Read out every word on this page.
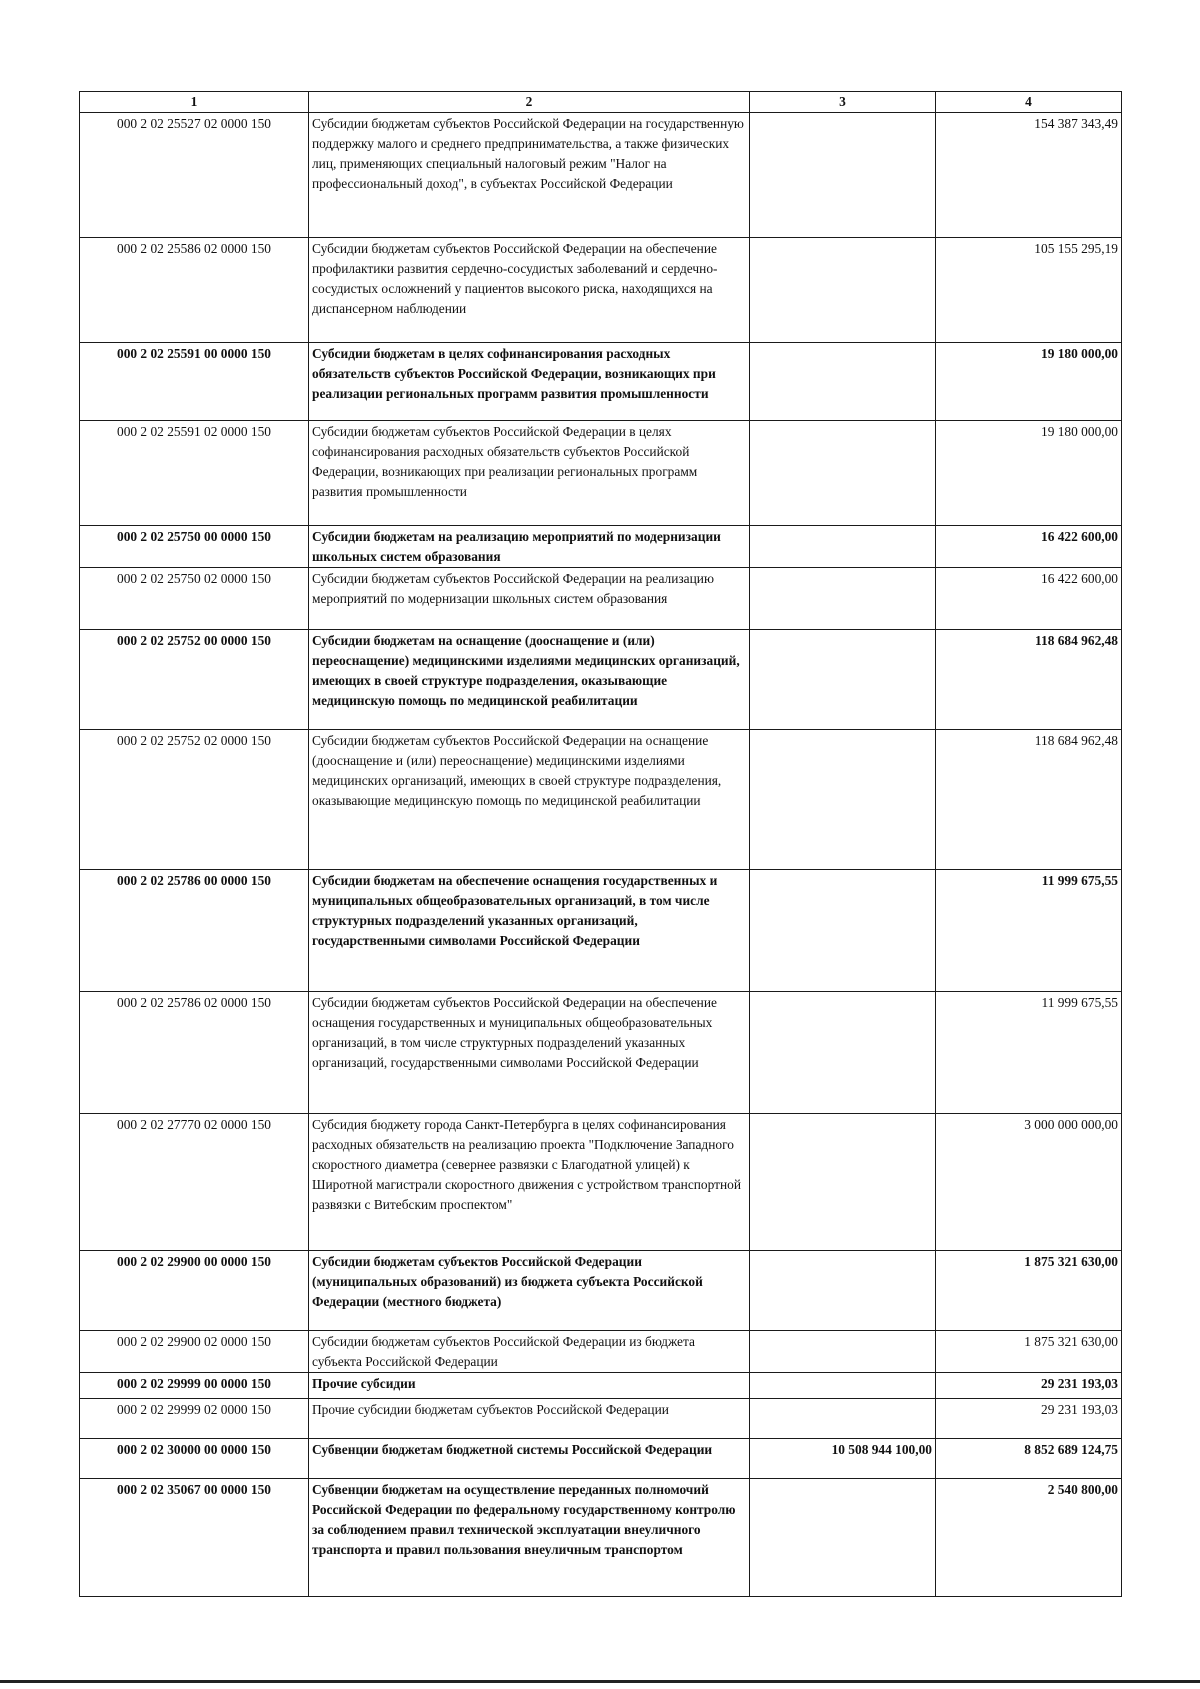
1	2	3	4
000 2 02 25527 02 0000 150	Субсидии бюджетам субъектов Российской Федерации на государственную поддержку малого и среднего предпринимательства, а также физических лиц, применяющих специальный налоговый режим "Налог на профессиональный доход", в субъектах Российской Федерации		154 387 343,49
000 2 02 25586 02 0000 150	Субсидии бюджетам субъектов Российской Федерации на обеспечение профилактики развития сердечно-сосудистых заболеваний и сердечно-сосудистых осложнений у пациентов высокого риска, находящихся на диспансерном наблюдении		105 155 295,19
000 2 02 25591 00 0000 150	Субсидии бюджетам в целях софинансирования расходных обязательств субъектов Российской Федерации, возникающих при реализации региональных программ развития промышленности		19 180 000,00
000 2 02 25591 02 0000 150	Субсидии бюджетам субъектов Российской Федерации в целях софинансирования расходных обязательств субъектов Российской Федерации, возникающих при реализации региональных программ развития промышленности		19 180 000,00
000 2 02 25750 00 0000 150	Субсидии бюджетам на реализацию мероприятий по модернизации школьных систем образования		16 422 600,00
000 2 02 25750 02 0000 150	Субсидии бюджетам субъектов Российской Федерации на реализацию мероприятий по модернизации школьных систем образования		16 422 600,00
000 2 02 25752 00 0000 150	Субсидии бюджетам на оснащение (дооснащение и (или) переоснащение) медицинскими изделиями медицинских организаций, имеющих в своей структуре подразделения, оказывающие медицинскую помощь по медицинской реабилитации		118 684 962,48
000 2 02 25752 02 0000 150	Субсидии бюджетам субъектов Российской Федерации на оснащение (дооснащение и (или) переоснащение) медицинскими изделиями медицинских организаций, имеющих в своей структуре подразделения, оказывающие медицинскую помощь по медицинской реабилитации		118 684 962,48
000 2 02 25786 00 0000 150	Субсидии бюджетам на обеспечение оснащения государственных и муниципальных общеобразовательных организаций, в том числе структурных подразделений указанных организаций, государственными символами Российской Федерации		11 999 675,55
000 2 02 25786 02 0000 150	Субсидии бюджетам субъектов Российской Федерации на обеспечение оснащения государственных и муниципальных общеобразовательных организаций, в том числе структурных подразделений указанных организаций, государственными символами Российской Федерации		11 999 675,55
000 2 02 27770 02 0000 150	Субсидия бюджету города Санкт-Петербурга в целях софинансирования расходных обязательств на реализацию проекта "Подключение Западного скоростного диаметра (севернее развязки с Благодатной улицей) к Широтной магистрали скоростного движения с устройством транспортной развязки с Витебским проспектом"		3 000 000 000,00
000 2 02 29900 00 0000 150	Субсидии бюджетам субъектов Российской Федерации (муниципальных образований) из бюджета субъекта Российской Федерации (местного бюджета)		1 875 321 630,00
000 2 02 29900 02 0000 150	Субсидии бюджетам субъектов Российской Федерации из бюджета субъекта Российской Федерации		1 875 321 630,00
000 2 02 29999 00 0000 150	Прочие субсидии		29 231 193,03
000 2 02 29999 02 0000 150	Прочие субсидии бюджетам субъектов Российской Федерации		29 231 193,03
000 2 02 30000 00 0000 150	Субвенции бюджетам бюджетной системы Российской Федерации	10 508 944 100,00	8 852 689 124,75
000 2 02 35067 00 0000 150	Субвенции бюджетам на осуществление переданных полномочий Российской Федерации по федеральному государственному контролю за соблюдением правил технической эксплуатации внеуличного транспорта и правил пользования внеуличным транспортом		2 540 800,00
